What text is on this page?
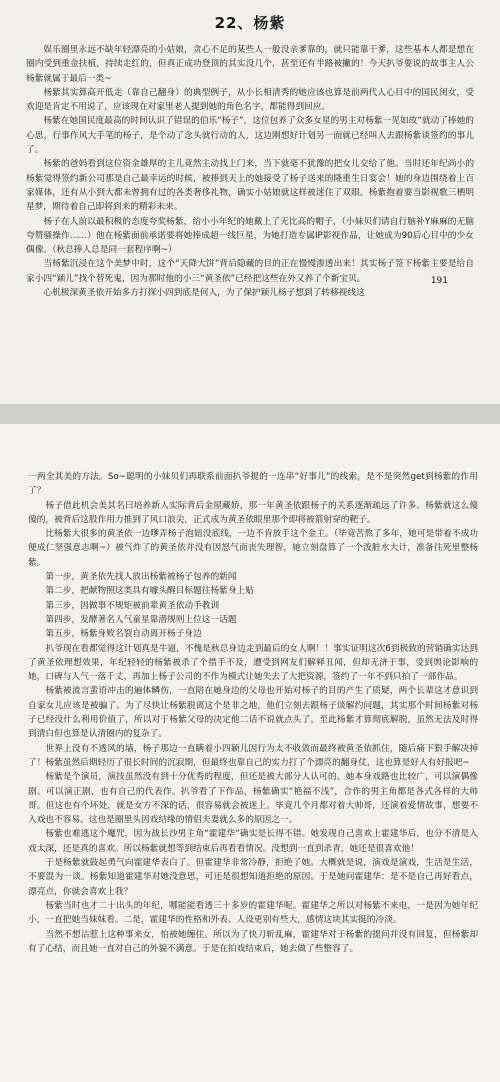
22、杨紫

娱乐圈里永远不缺年轻漂亮的小姑娘，贪心不足的某些人一般没亲爹靠的，就只能靠干爹，这些基本人都是想在圈内受到重金扶植，持续走红的，但真正成功登顶的其实没几个，甚至还有半路被撇的！今天扒爷要说的故事主人公杨紫就属于最后一类~

杨紫其实算高开低走（靠自己翻身）的典型例子，从小长相清秀的她应该也算是前两代人心目中的国民闺女，受欢迎是肯定不用说了，应该现在对家里老人提到她的角色名字，都能得到回应。

杨紫在她国民度最高的时间认识了错误的伯乐“杨子”，这位包养了众多女星的男主对杨紫一见如故“就动了捧她的心思，行事作风大手笔的杨子，是个动了念头就行动的人，这边刚想好计划另一面就已经叫人去跟杨紫谈签约的事儿了。

杨紫的爸妈看到这位资金雄厚的主儿竟然主动找上门来，当下就毫不犹豫的把女儿交给了他。当时还年纪尚小的杨紫觉得签约新公司那是自己最幸运的时候，被捧到天上的她接受了杨子送来的隆重生日宴会！她的身边围绕着上百家媒体，还有从小到大都未曾拥有过的各类奢侈礼物，确实小姑娘就这样被迷住了双眼。杨紫抱着要当影视歌三栖明星梦，期待着自己即将到来的精彩未来。

杨子在人前以最积极的态度夸奖杨紫，给小小年纪的她戴上了无比高的帽子，（小妹贝们请自行脑补Y麻麻的无脑夸赞骚操作……）他在杨紫面前承诺要将她捧成超一线巨星，为她打造专属IP影视作品，让她成为90后心目中的少女偶像。（秋总捧人总是同一套程序啊~）

当杨紫沉浸在这个美梦中时，这个“天降大饼”背后隐藏的目的正在慢慢渗透出来！其实杨子签下杨紫主要是给自家小四“颖儿”找个替死鬼，因为那时他的小三“黄圣依”已经把这些在外又养了个新宝贝。

心机极深黄圣依开始多方打探小四到底是何人，为了保护颖儿杨子想到了转移视线这

191

一两全其美的方法。So~聪明的小妹贝们再联系前面扒爷提的一连串“好事儿”的线索，是不是突然get到杨紫的作用了？

杨子借此机会美其名曰培养新人实际背后金屋藏娇，那一年黄圣依跟杨子的关系逐渐疏远了许多。杨紫就这么傻傻的，被背后这股作用力推到了风口浪尖，正式成为黄圣依眼里那个即将被箭射穿的靶子。

比杨紫大很多的黄圣依一边嗲弄杨子泡妞没底线，一边不肯放手这个金主。（毕竟苦熬了多年，她可是带着不成功便成仁坚强意志啊~）被气炸了的黄圣依并没有因怒气而丧失理智，她立刻盘算了一个泼脏水大计，准备往死里整杨紫。

第一步，黄圣依先找人放出杨紫被杨子包养的新闻

第二步，把献物照这类具有噱头醒目标题往杨紫身上贴

第三步，因做事不规矩被前辈黄圣依动手教训

第四步，发酵著名人气童星靠潜规则上位这一话题

第五步，杨紫身败名裂自动离开杨子身边

扒爷现在看都觉得这计划真是牛逼，不愧是秋总身边走到最后的女人啊！！事实证明这次6到极致的营销确实达到了黄圣依理想效果，年纪轻轻的杨紫被杀了个措手不及，遭受到网友们解释丑闻，但却无济于事，受到舆论影响的她，口碑与人气一落千丈，再加上杨子公司的不作为模式让她失去了大把资源，签约了一年不到只拍了一部作品。

杨紫被流言蜚语冲击的遍体鳞伤，一直陪在她身边的父母也开始对杨子的目的产生了质疑，两个长辈这才意识到自家女儿应该是被骗了。为了尽快让杨紫脱离这个是非之地，他们立刻去跟杨子谈解约问题，其实那个时间杨紫对杨子已经没什么利用价值了，所以对于杨紫父母的决定他二话不说就点头了。至此杨紫才算彻底解脱，虽然无法及时得到清白但也算是认清圈内的复杂了。

世界上没有不透风的墙，杨子那边一直瞒着小四颖儿因行为太不收敛而最终被黄圣依抓住，随后痛下狠手解决掉了！杨紫虽然后期轻历了很长时间的沉寂期，但最终也靠自己的实力打了个漂亮的翻身仗，这也算是好人有好报吧~

杨紫是个演员，演技虽然没有到十分优秀的程度，但还是被大部分人认可的。她本身戏路也比较广，可以演偶像剧、可以演正剧，也有自己的代表作。扒爷看了下作品，杨紫确实“艳福不浅”，合作的男主角都是各式各样的大帅哥。但这也有个坏处，就是女方不深的话，很容易就会被迷上。毕竟几个月都对着大帅哥，还演着爱情故事，想要不入戏也不容易。这也是圈里头因戏结缘的情侣夫妻就么多的原因之一。

杨紫也难逃这个魔咒，因为战长沙男主角“霍建华”确实是长得不错。她发现自己喜欢上霍建华后，也分不清是入戏太深，还是真的喜欢。所以杨紫就想等到结束后再看看情况。没想到一直到杀青，她还是很喜欢他！

于是杨紫就鼓起勇气向霍建华表白了。但霍建华非常冷静，拒绝了她。大概就是说，演戏是演戏，生活是生活，不要混为一谈。杨紫知道霍建华对她没意思，可还是很想知道拒绝的原因。于是她问霍建华：是不是自己再好看点，漂亮点，你就会喜欢上我？

杨紫当时也才二十出头的年纪，哪能能看透三十多岁的霍建华呢。霍建华之所以对杨紫不来电，一是因为她年纪小，一直把她当妹妹看。二是，霍建华的性格和外表、人设更别有些大，感情这块其实挺的冷淡。

当然不想沾惹上这种事来女，怕被她缠住。所以为了快刀斩乱麻，霍建华对于杨紫的提问并没有回复，但杨紫却有了心结，而且她一直对自己的外貌不满意。于是在拍戏结束后，她去做了些整容了。
